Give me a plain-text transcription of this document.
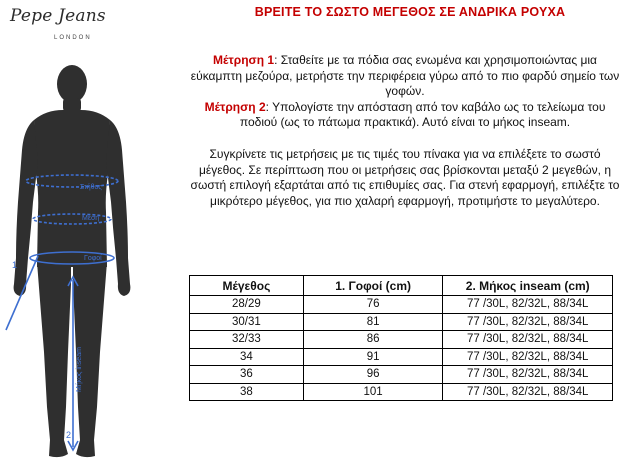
Pepe Jeans
LONDON
ΒΡΕΙΤΕ ΤΟ ΣΩΣΤΟ ΜΕΓΕΘΟΣ ΣΕ ΑΝΔΡΙΚΑ ΡΟΥΧΑ

Μέτρηση 1: Σταθείτε με τα πόδια σας ενωμένα και χρησιμοποιώντας μια εύκαμπτη μεζούρα, μετρήστε την περιφέρεια γύρω από το πιο φαρδύ σημείο των γοφών.

Μέτρηση 2: Υπολογίστε την απόσταση από τον καβάλο ως το τελείωμα του ποδιού (ως το πάτωμα πρακτικά). Αυτό είναι το μήκος inseam.

Συγκρίνετε τις μετρήσεις με τις τιμές του πίνακα για να επιλέξετε το σωστό μέγεθος. Σε περίπτωση που οι μετρήσεις σας βρίσκονται μεταξύ 2 μεγεθών, η σωστή επιλογή εξαρτάται από τις επιθυμίες σας. Για στενή εφαρμογή, επιλέξτε το μικρότερο μέγεθος, για πιο χαλαρή εφαρμογή, προτιμήστε το μεγαλύτερο.

Στήθος
Μέση
Γοφοί
1
2
Μήκος inseam
Μέγεθος	1. Γοφοί (cm)	2. Μήκος inseam (cm)
28/29	76	77 /30L, 82/32L, 88/34L
30/31	81	77 /30L, 82/32L, 88/34L
32/33	86	77 /30L, 82/32L, 88/34L
34	91	77 /30L, 82/32L, 88/34L
36	96	77 /30L, 82/32L, 88/34L
38	101	77 /30L, 82/32L, 88/34L
